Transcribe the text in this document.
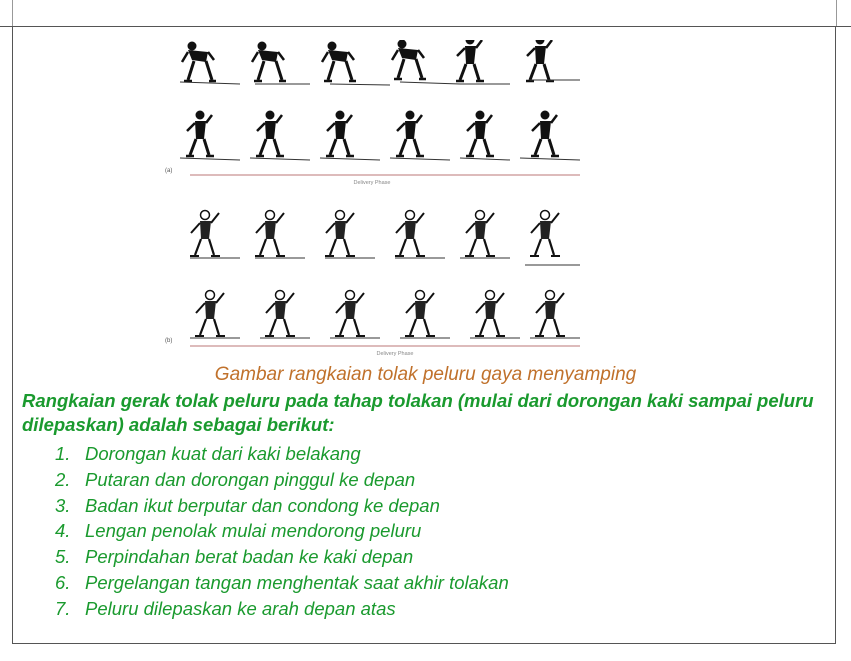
(a)
Delivery Phase
(b)
Delivery Phase
Gambar rangkaian tolak peluru gaya menyamping
Rangkaian gerak tolak peluru pada tahap tolakan (mulai dari dorongan kaki sampai peluru dilepaskan) adalah sebagai berikut:
1. Dorongan kuat dari kaki belakang
2. Putaran dan dorongan pinggul ke depan
3. Badan ikut berputar dan condong ke depan
4. Lengan penolak mulai mendorong peluru
5. Perpindahan berat badan ke kaki depan
6. Pergelangan tangan menghentak saat akhir tolakan
7. Peluru dilepaskan ke arah depan atas
